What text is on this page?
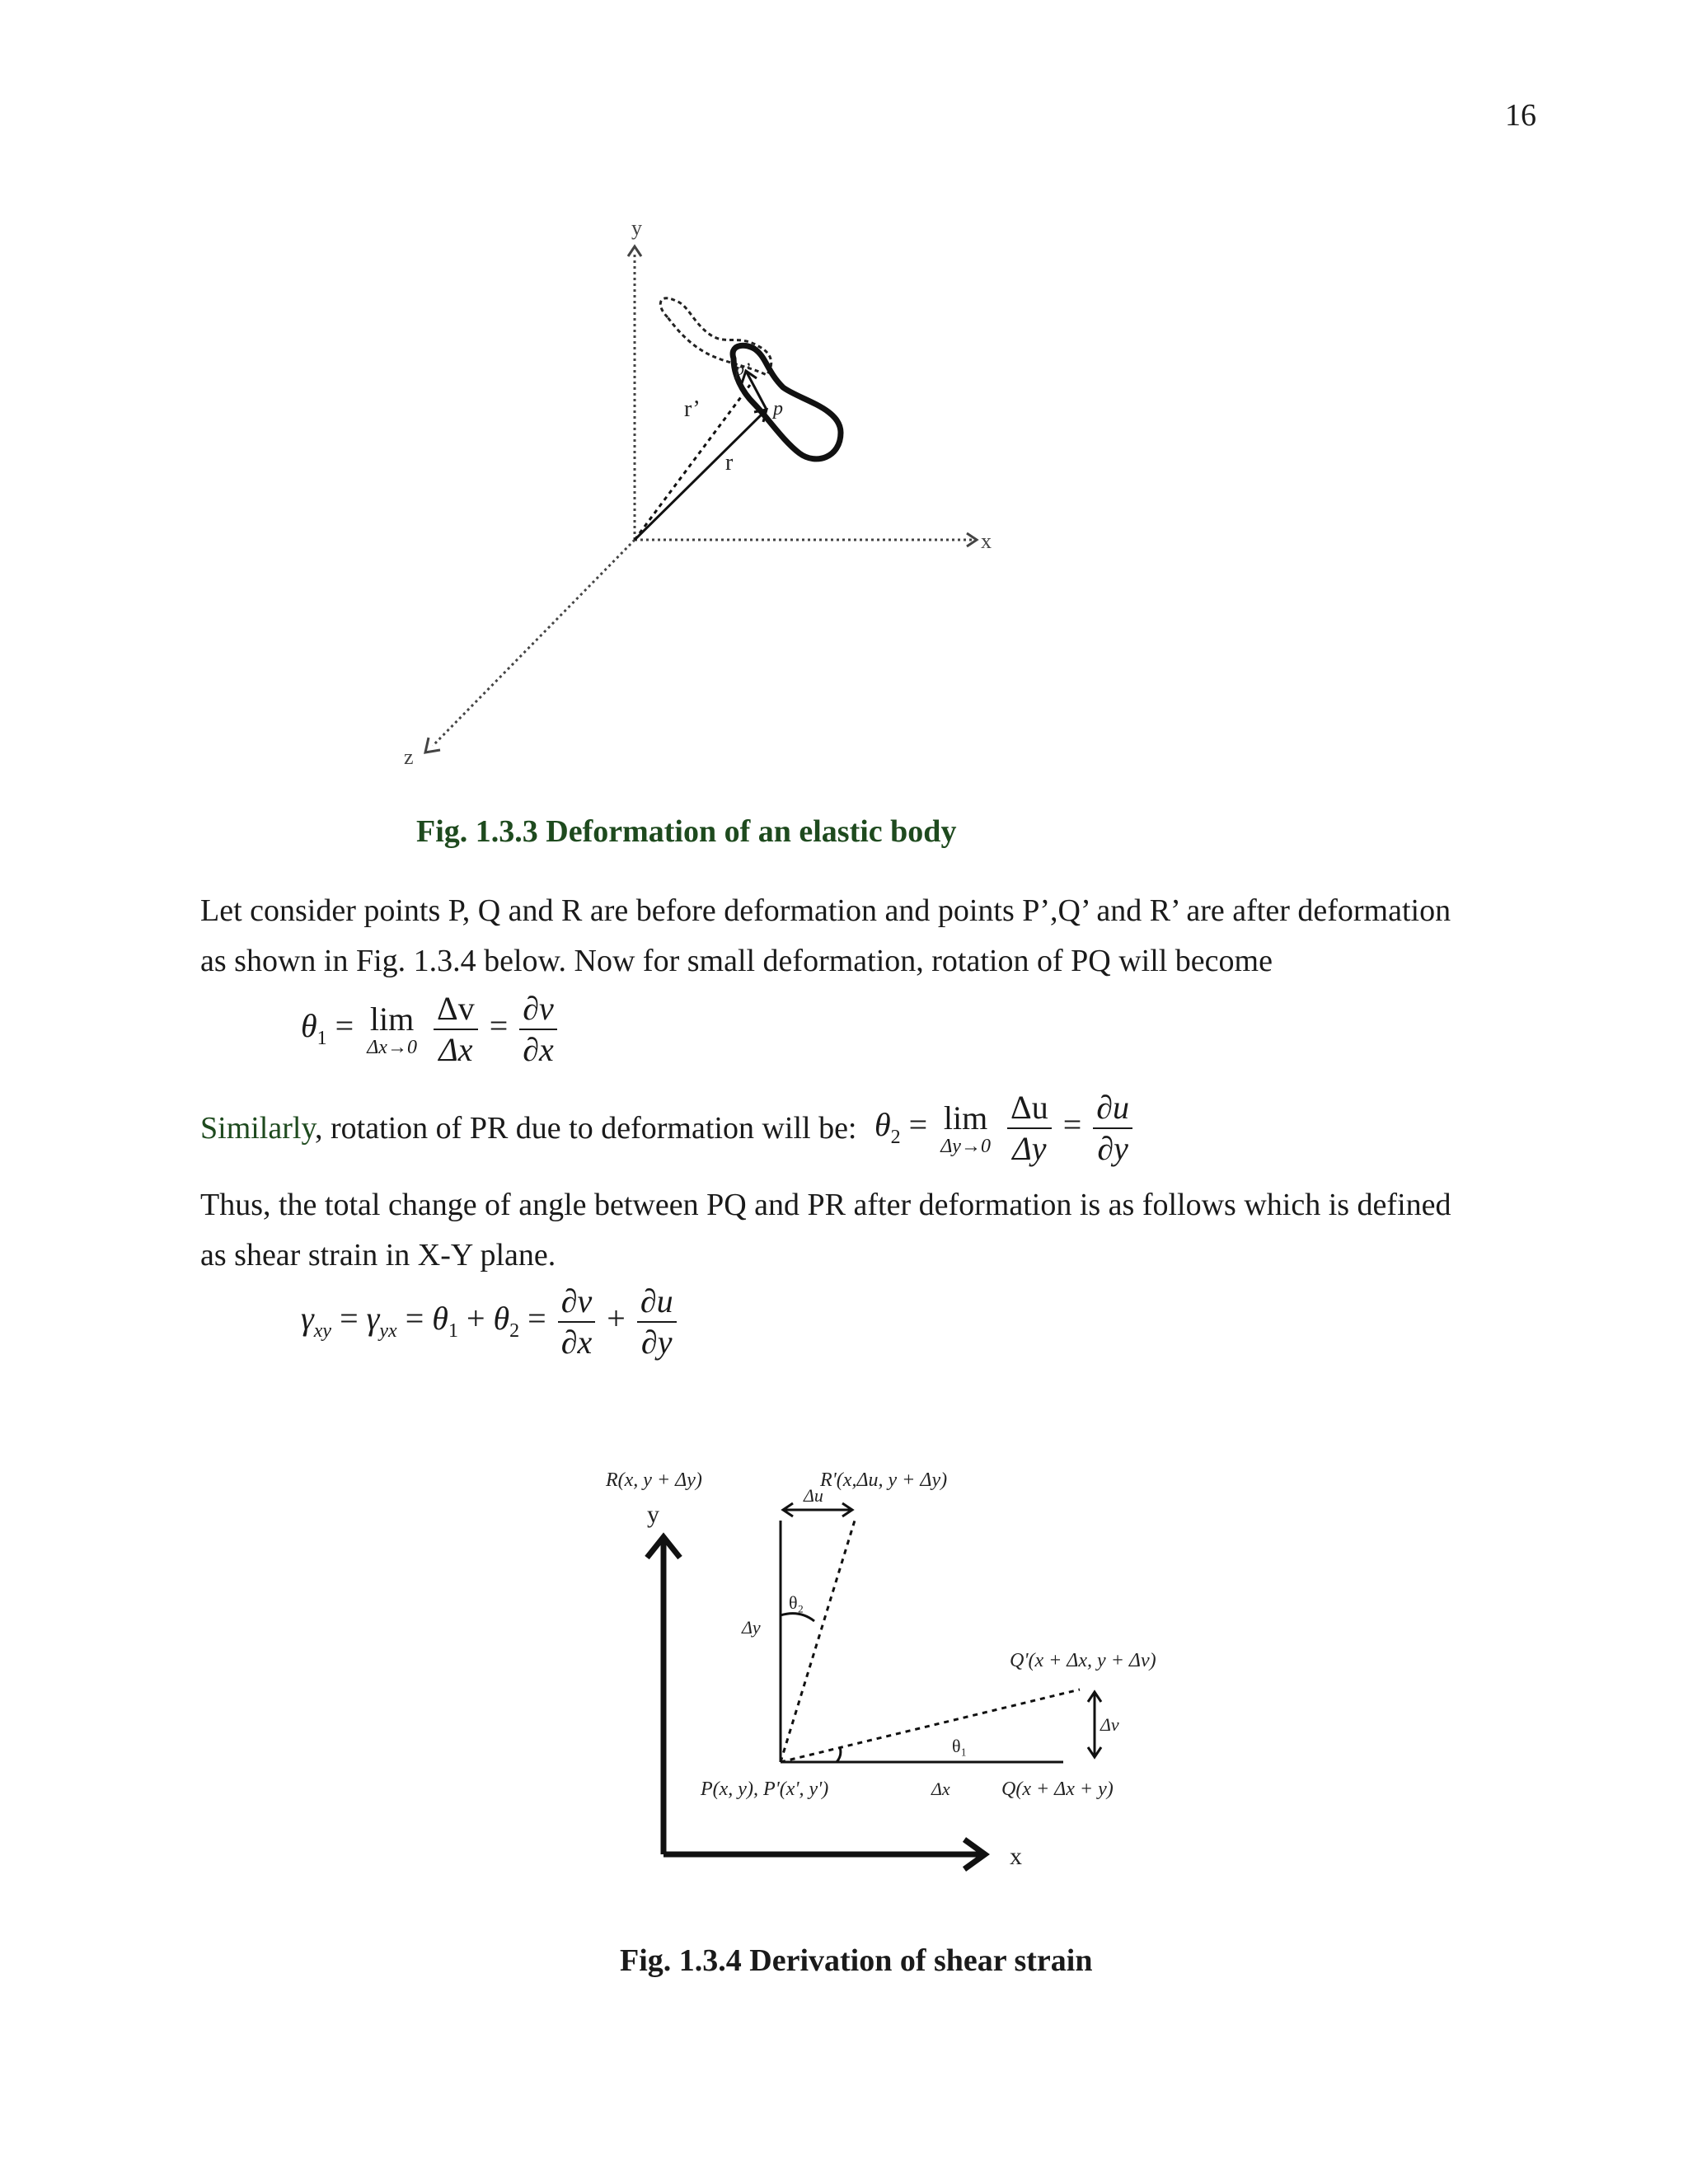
16
y
x
z
r’
r
p
p’
Fig. 1.3.3 Deformation of an elastic body
Let consider points P, Q and R are before deformation and points P’,Q’ and R’ are after deformation
as shown in Fig. 1.3.4 below. Now for small deformation, rotation of PQ will become
$\theta_1 = \lim$
Δx→0
$\frac{\Delta v}{\Delta x} = \frac{\partial v}{\partial x}$
Similarly, rotation of PR due to deformation will be: $\theta_2 = \lim$
Δy→0
$\frac{\Delta u}{\Delta y} = \frac{\partial u}{\partial y}$
Thus, the total change of angle between PQ and PR after deformation is as follows which is defined
as shear strain in X-Y plane.
$\gamma_{xy} = \gamma_{yx} = \theta_1 + \theta_2 = \frac{\partial v}{\partial x} + \frac{\partial u}{\partial y}$
y
x
R(x, y + Δy)	R'(x,Δu, y + Δy)
Δu
Δy
θ₂
Q'(x + Δx, y + Δv)
Δv
θ₁
P(x, y), P'(x', y')	Δx	Q(x + Δx + y)
Fig. 1.3.4 Derivation of shear strain
